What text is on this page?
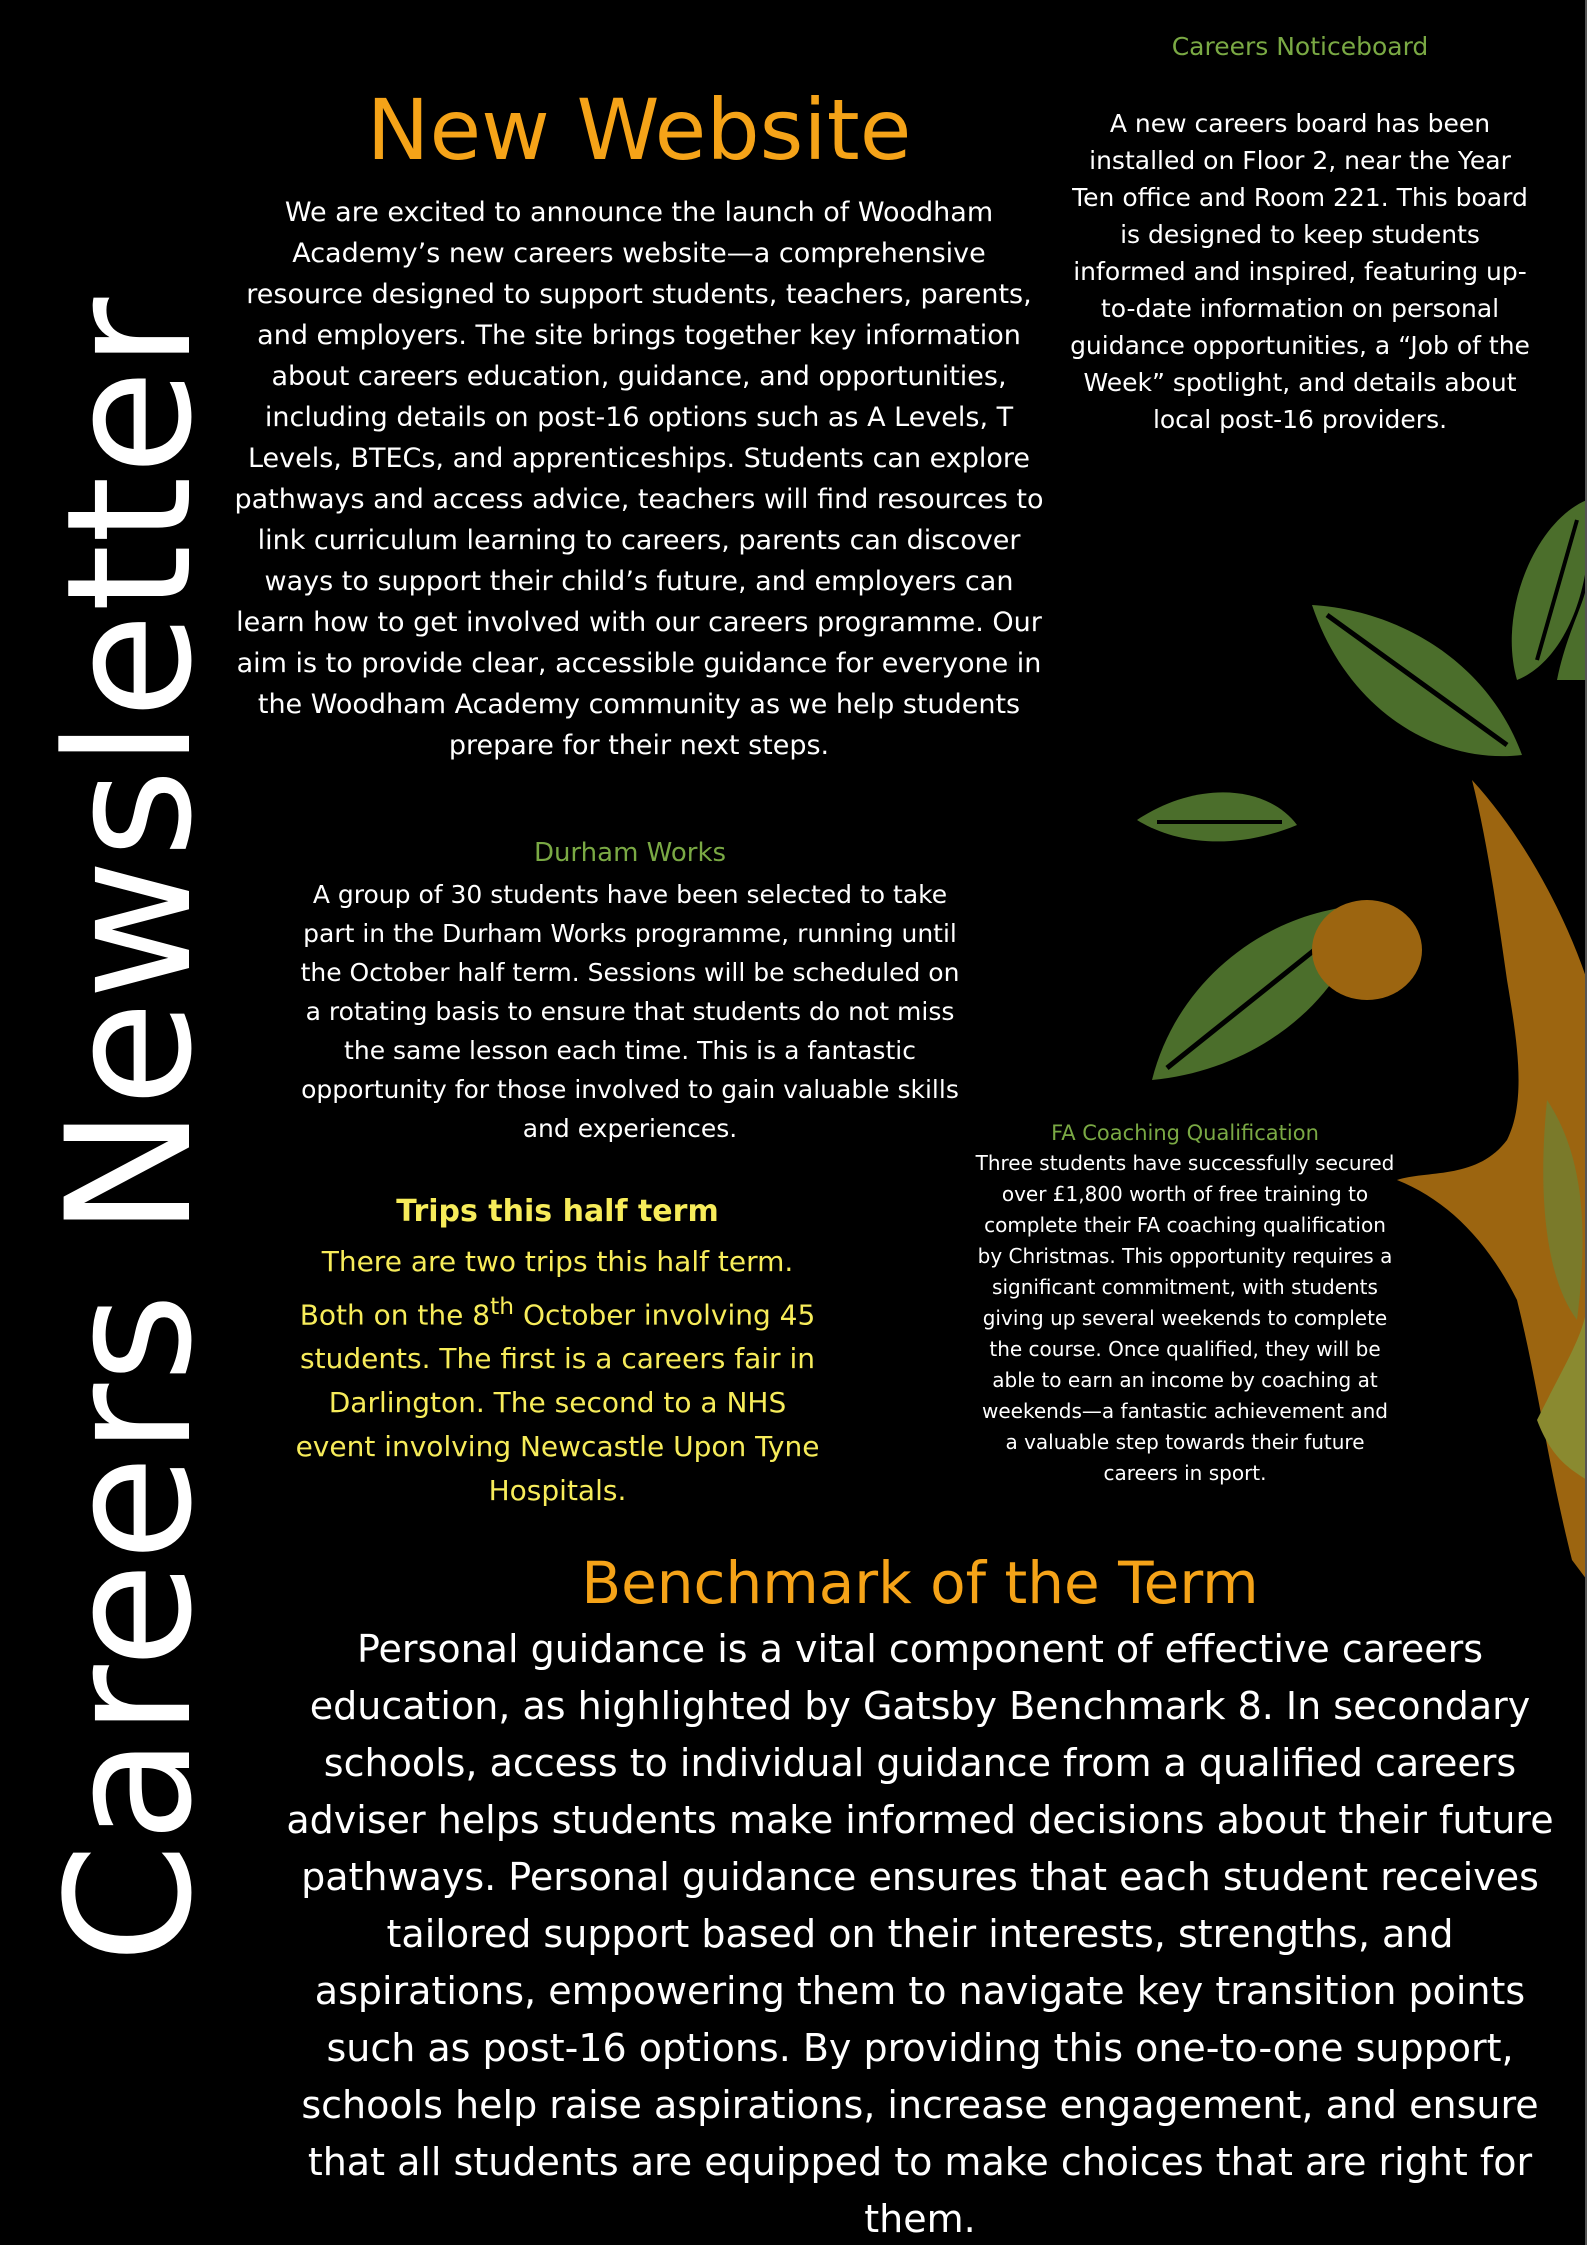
Careers Newsletter
New Website

We are excited to announce the launch of Woodham Academy’s new careers website—a comprehensive resource designed to support students, teachers, parents, and employers. The site brings together key information about careers education, guidance, and opportunities, including details on post-16 options such as A Levels, T Levels, BTECs, and apprenticeships. Students can explore pathways and access advice, teachers will find resources to link curriculum learning to careers, parents can discover ways to support their child’s future, and employers can learn how to get involved with our careers programme. Our aim is to provide clear, accessible guidance for everyone in the Woodham Academy community as we help students prepare for their next steps.

Careers Noticeboard

A new careers board has been installed on Floor 2, near the Year Ten office and Room 221. This board is designed to keep students informed and inspired, featuring up-to-date information on personal guidance opportunities, a “Job of the Week” spotlight, and details about local post-16 providers.

Durham Works

A group of 30 students have been selected to take part in the Durham Works programme, running until the October half term. Sessions will be scheduled on a rotating basis to ensure that students do not miss the same lesson each time. This is a fantastic opportunity for those involved to gain valuable skills and experiences.

Trips this half term

There are two trips this half term. Both on the 8th October involving 45 students. The first is a careers fair in Darlington. The second to a NHS event involving Newcastle Upon Tyne Hospitals.

FA Coaching Qualification

Three students have successfully secured over £1,800 worth of free training to complete their FA coaching qualification by Christmas. This opportunity requires a significant commitment, with students giving up several weekends to complete the course. Once qualified, they will be able to earn an income by coaching at weekends—a fantastic achievement and a valuable step towards their future careers in sport.

Benchmark of the Term

Personal guidance is a vital component of effective careers education, as highlighted by Gatsby Benchmark 8. In secondary schools, access to individual guidance from a qualified careers adviser helps students make informed decisions about their future pathways. Personal guidance ensures that each student receives tailored support based on their interests, strengths, and aspirations, empowering them to navigate key transition points such as post-16 options. By providing this one-to-one support, schools help raise aspirations, increase engagement, and ensure that all students are equipped to make choices that are right for them.
